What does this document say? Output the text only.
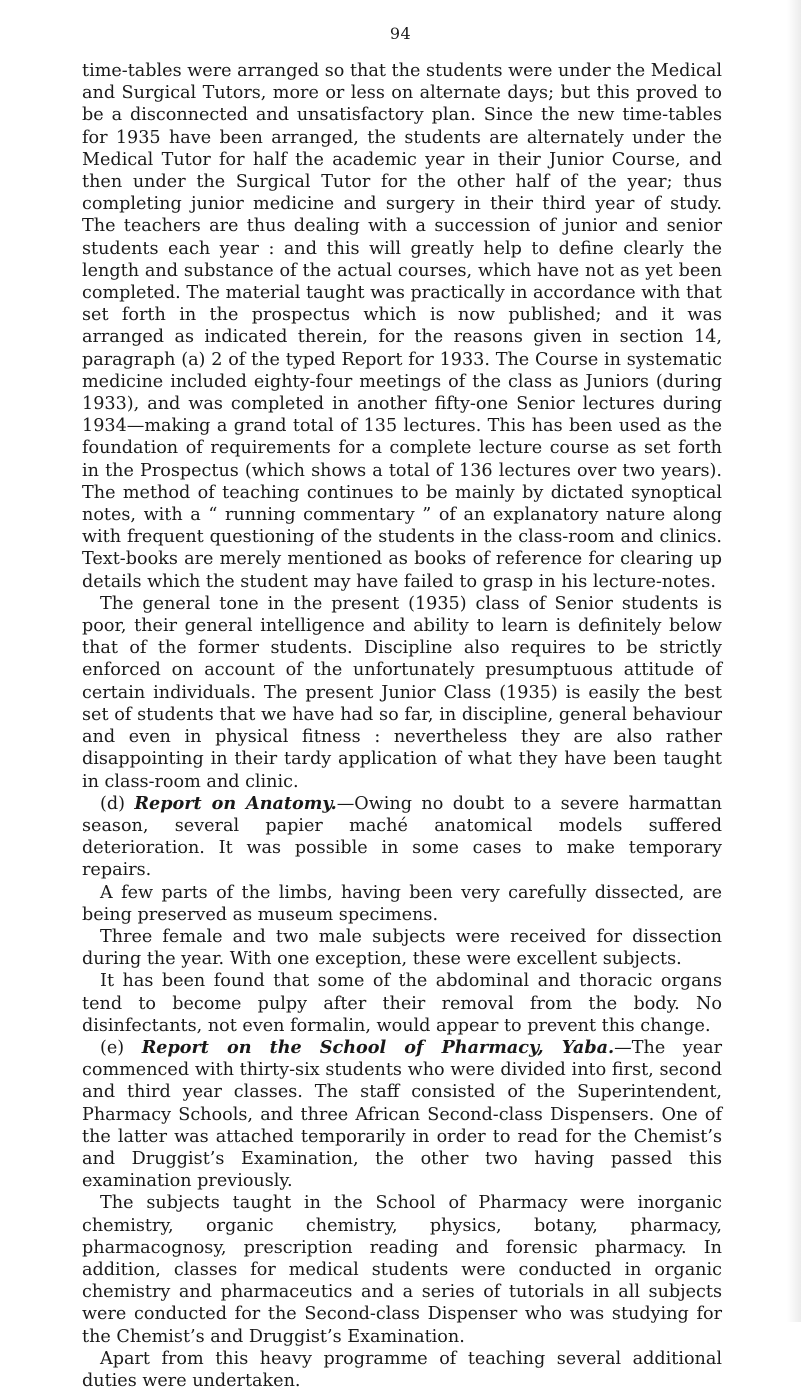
94

time-tables were arranged so that the students were under the Medical and Surgical Tutors, more or less on alternate days; but this proved to be a disconnected and unsatisfactory plan. Since the new time-tables for 1935 have been arranged, the students are alternately under the Medical Tutor for half the academic year in their Junior Course, and then under the Surgical Tutor for the other half of the year; thus completing junior medicine and surgery in their third year of study. The teachers are thus dealing with a succession of junior and senior students each year : and this will greatly help to define clearly the length and substance of the actual courses, which have not as yet been completed. The material taught was practically in accordance with that set forth in the prospectus which is now published; and it was arranged as indicated therein, for the reasons given in section 14, paragraph (a) 2 of the typed Report for 1933. The Course in systematic medicine included eighty-four meetings of the class as Juniors (during 1933), and was completed in another fifty-one Senior lectures during 1934—making a grand total of 135 lectures. This has been used as the foundation of requirements for a complete lecture course as set forth in the Prospectus (which shows a total of 136 lectures over two years). The method of teaching continues to be mainly by dictated synoptical notes, with a “ running commentary ” of an explanatory nature along with frequent questioning of the students in the class-room and clinics. Text-books are merely mentioned as books of reference for clearing up details which the student may have failed to grasp in his lecture-notes.

The general tone in the present (1935) class of Senior students is poor, their general intelligence and ability to learn is definitely below that of the former students. Discipline also requires to be strictly enforced on account of the unfortunately presumptuous attitude of certain individuals. The present Junior Class (1935) is easily the best set of students that we have had so far, in discipline, general behaviour and even in physical fitness : nevertheless they are also rather disappointing in their tardy application of what they have been taught in class-room and clinic.

(d) Report on Anatomy.—Owing no doubt to a severe harmattan season, several papier maché anatomical models suffered deterioration. It was possible in some cases to make temporary repairs.

A few parts of the limbs, having been very carefully dissected, are being preserved as museum specimens.

Three female and two male subjects were received for dissection during the year. With one exception, these were excellent subjects.

It has been found that some of the abdominal and thoracic organs tend to become pulpy after their removal from the body. No disinfectants, not even formalin, would appear to prevent this change.

(e) Report on the School of Pharmacy, Yaba.—The year commenced with thirty-six students who were divided into first, second and third year classes. The staff consisted of the Superintendent, Pharmacy Schools, and three African Second-class Dispensers. One of the latter was attached temporarily in order to read for the Chemist’s and Druggist’s Examination, the other two having passed this examination previously.

The subjects taught in the School of Pharmacy were inorganic chemistry, organic chemistry, physics, botany, pharmacy, pharmacognosy, prescription reading and forensic pharmacy. In addition, classes for medical students were conducted in organic chemistry and pharmaceutics and a series of tutorials in all subjects were conducted for the Second-class Dispenser who was studying for the Chemist’s and Druggist’s Examination.

Apart from this heavy programme of teaching several additional duties were undertaken.
